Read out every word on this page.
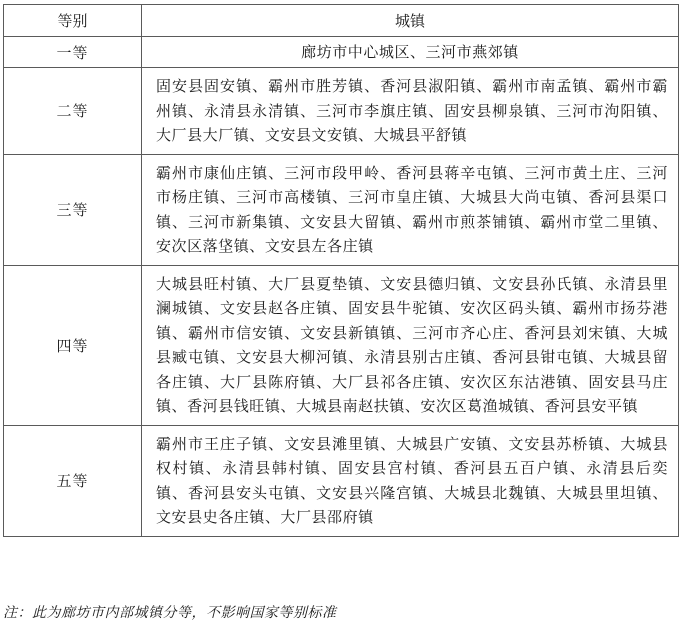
等别	城镇
一等	廊坊市中心城区、三河市燕郊镇
二等	固安县固安镇、霸州市胜芳镇、香河县淑阳镇、霸州市南孟镇、霸州市霸州镇、永清县永清镇、三河市李旗庄镇、固安县柳泉镇、三河市泃阳镇、大厂县大厂镇、文安县文安镇、大城县平舒镇
三等	霸州市康仙庄镇、三河市段甲岭、香河县蒋辛屯镇、三河市黄土庄、三河市杨庄镇、三河市高楼镇、三河市皇庄镇、大城县大尚屯镇、香河县渠口镇、三河市新集镇、文安县大留镇、霸州市煎茶铺镇、霸州市堂二里镇、安次区落垡镇、文安县左各庄镇
四等	大城县旺村镇、大厂县夏垫镇、文安县德归镇、文安县孙氏镇、永清县里澜城镇、文安县赵各庄镇、固安县牛驼镇、安次区码头镇、霸州市扬芬港镇、霸州市信安镇、文安县新镇镇、三河市齐心庄、香河县刘宋镇、大城县臧屯镇、文安县大柳河镇、永清县别古庄镇、香河县钳屯镇、大城县留各庄镇、大厂县陈府镇、大厂县祁各庄镇、安次区东沽港镇、固安县马庄镇、香河县钱旺镇、大城县南赵扶镇、安次区葛渔城镇、香河县安平镇
五等	霸州市王庄子镇、文安县滩里镇、大城县广安镇、文安县苏桥镇、大城县权村镇、永清县韩村镇、固安县宫村镇、香河县五百户镇、永清县后奕镇、香河县安头屯镇、文安县兴隆宫镇、大城县北魏镇、大城县里坦镇、文安县史各庄镇、大厂县邵府镇
注：此为廊坊市内部城镇分等，不影响国家等别标准
